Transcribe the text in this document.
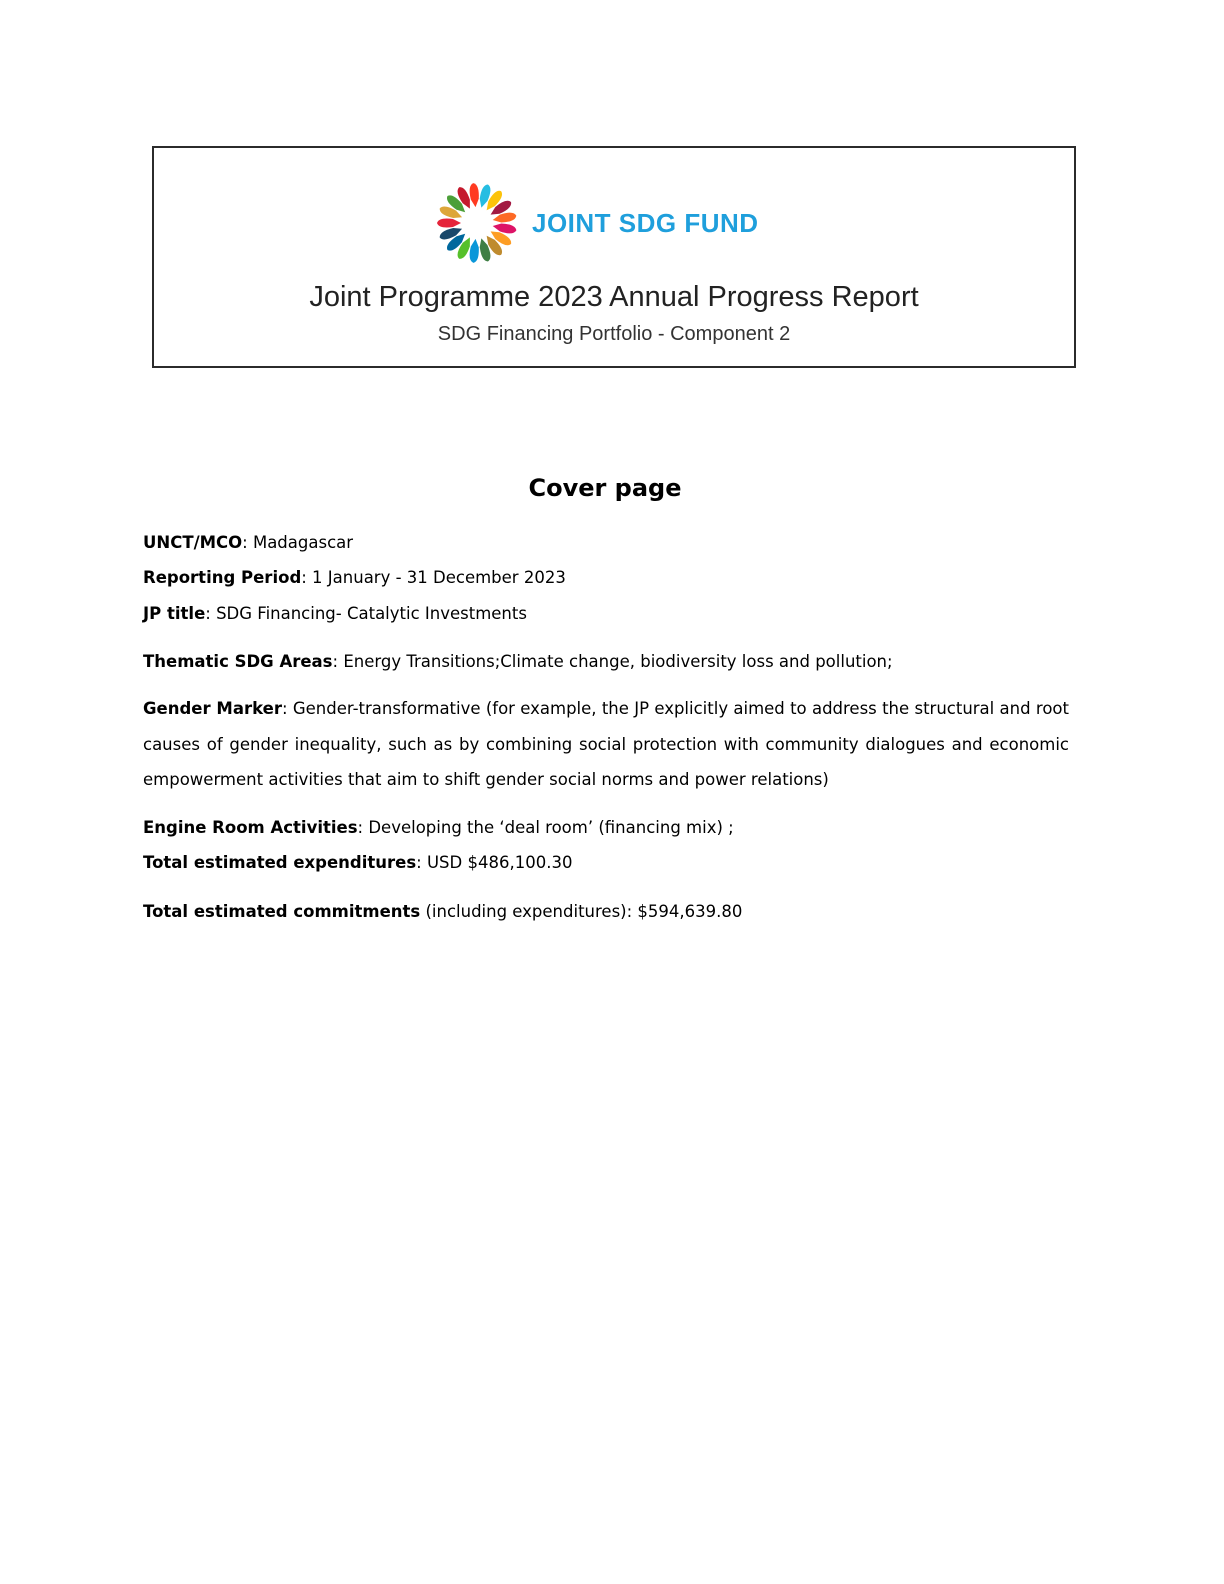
JOINT SDG FUND
Joint Programme 2023 Annual Progress Report
SDG Financing Portfolio - Component 2
Cover page
UNCT/MCO: Madagascar
Reporting Period: 1 January - 31 December 2023
JP title: SDG Financing- Catalytic Investments
Thematic SDG Areas: Energy Transitions;Climate change, biodiversity loss and pollution;
Gender Marker: Gender-transformative (for example, the JP explicitly aimed to address the structural and root causes of gender inequality, such as by combining social protection with community dialogues and economic empowerment activities that aim to shift gender social norms and power relations)
Engine Room Activities: Developing the ‘deal room’ (financing mix) ;
Total estimated expenditures: USD $486,100.30
Total estimated commitments (including expenditures): $594,639.80
